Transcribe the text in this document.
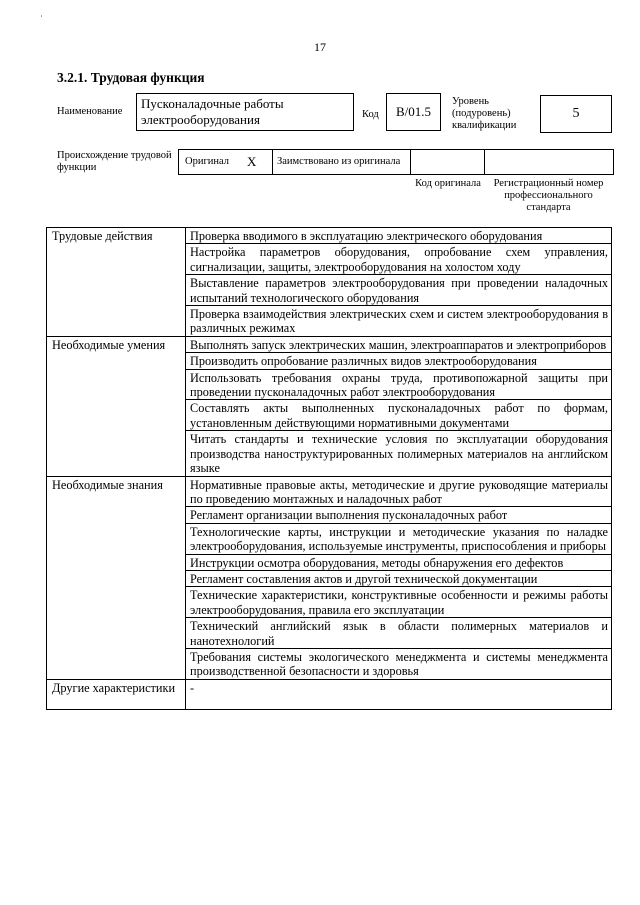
˙
17
3.2.1. Трудовая функция
Наименование
Пусконаладочные работы электрооборудования	Код B/01.5
Уровень (подуровень) квалификации
5
Происхождение трудовой функции
Оригинал X Заимствовано из оригинала
Код оригинала	Регистрационный номер профессионального стандарта
Трудовые действия	Проверка вводимого в эксплуатацию электрического оборудования
	Настройка параметров оборудования, опробование схем управления, сигнализации, защиты, электрооборудования на холостом ходу
	Выставление параметров электрооборудования при проведении наладочных испытаний технологического оборудования
	Проверка взаимодействия электрических схем и систем электрооборудования в различных режимах
Необходимые умения	Выполнять запуск электрических машин, электроаппаратов и электроприборов
	Производить опробование различных видов электрооборудования
	Использовать требования охраны труда, противопожарной защиты при проведении пусконаладочных работ электрооборудования
	Составлять акты выполненных пусконаладочных работ по формам, установленным действующими нормативными документами
	Читать стандарты и технические условия по эксплуатации оборудования производства наноструктурированных полимерных материалов на английском языке
Необходимые знания	Нормативные правовые акты, методические и другие руководящие материалы по проведению монтажных и наладочных работ
	Регламент организации выполнения пусконаладочных работ
	Технологические карты, инструкции и методические указания по наладке электрооборудования, используемые инструменты, приспособления и приборы
	Инструкции осмотра оборудования, методы обнаружения его дефектов
	Регламент составления актов и другой технической документации
	Технические характеристики, конструктивные особенности и режимы работы электрооборудования, правила его эксплуатации
	Технический английский язык в области полимерных материалов и нанотехнологий
	Требования системы экологического менеджмента и системы менеджмента производственной безопасности и здоровья
Другие характеристики	-
